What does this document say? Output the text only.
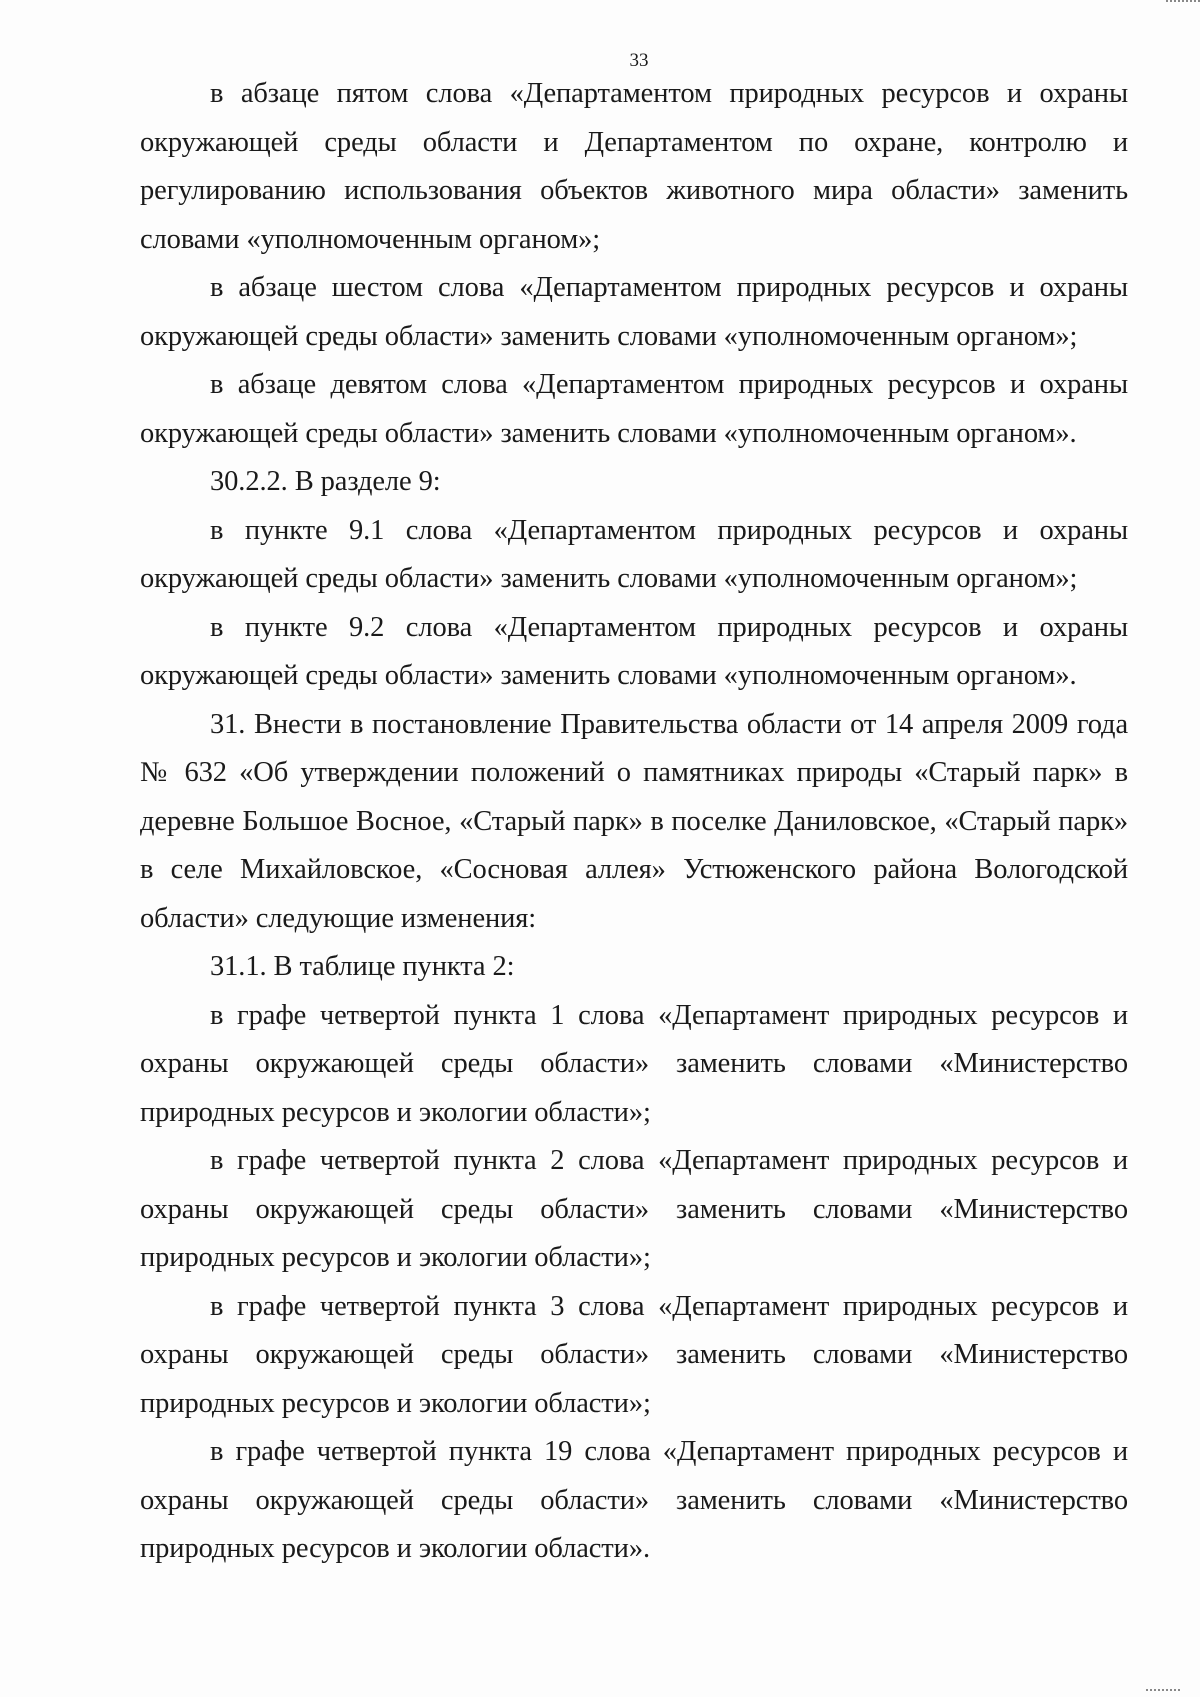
33

в абзаце пятом слова «Департаментом природных ресурсов и охраны окружающей среды области и Департаментом по охране, контролю и регулированию использования объектов животного мира области» заменить словами «уполномоченным органом»;

в абзаце шестом слова «Департаментом природных ресурсов и охраны окружающей среды области» заменить словами «уполномоченным органом»;

в абзаце девятом слова «Департаментом природных ресурсов и охраны окружающей среды области» заменить словами «уполномоченным органом».

30.2.2. В разделе 9:

в пункте 9.1 слова «Департаментом природных ресурсов и охраны окружающей среды области» заменить словами «уполномоченным органом»;

в пункте 9.2 слова «Департаментом природных ресурсов и охраны окружающей среды области» заменить словами «уполномоченным органом».

31. Внести в постановление Правительства области от 14 апреля 2009 года № 632 «Об утверждении положений о памятниках природы «Старый парк» в деревне Большое Восное, «Старый парк» в поселке Даниловское, «Старый парк» в селе Михайловское, «Сосновая аллея» Устюженского района Вологодской области» следующие изменения:

31.1. В таблице пункта 2:

в графе четвертой пункта 1 слова «Департамент природных ресурсов и охраны окружающей среды области» заменить словами «Министерство природных ресурсов и экологии области»;

в графе четвертой пункта 2 слова «Департамент природных ресурсов и охраны окружающей среды области» заменить словами «Министерство природных ресурсов и экологии области»;

в графе четвертой пункта 3 слова «Департамент природных ресурсов и охраны окружающей среды области» заменить словами «Министерство природных ресурсов и экологии области»;

в графе четвертой пункта 19 слова «Департамент природных ресурсов и охраны окружающей среды области» заменить словами «Министерство природных ресурсов и экологии области».
